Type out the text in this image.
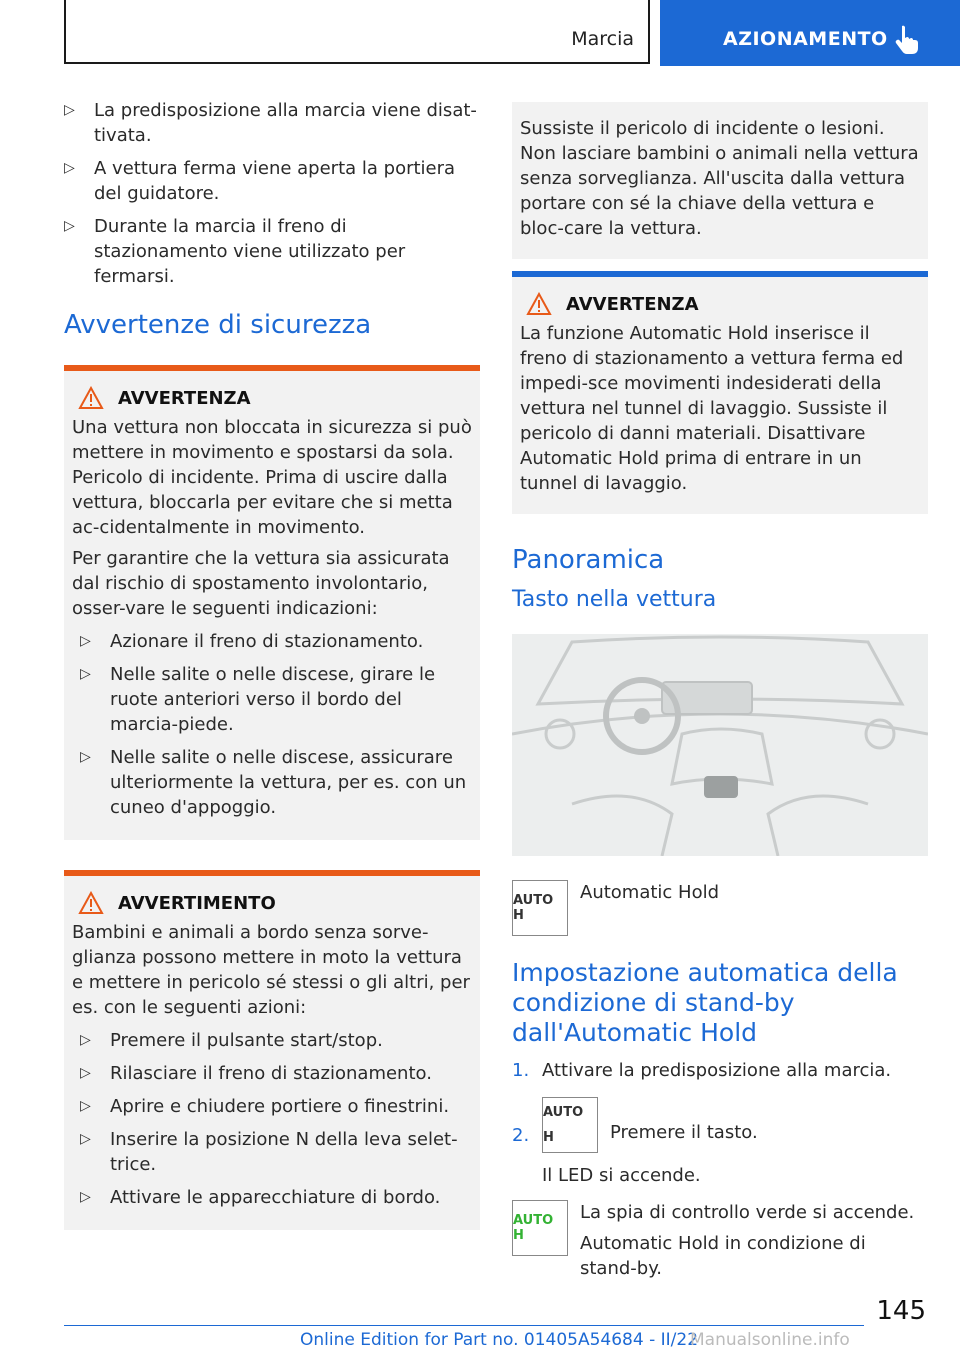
Marcia	AZIONAMENTO
▷ La predisposizione alla marcia viene disat-tivata.
▷ A vettura ferma viene aperta la portiera del guidatore.
▷ Durante la marcia il freno di stazionamento viene utilizzato per fermarsi.
Avvertenze di sicurezza
AVVERTENZA

Una vettura non bloccata in sicurezza si può mettere in movimento e spostarsi da sola. Pericolo di incidente. Prima di uscire dalla vettura, bloccarla per evitare che si metta ac-cidentalmente in movimento.

Per garantire che la vettura sia assicurata dal rischio di spostamento involontario, osser-vare le seguenti indicazioni:

▷ Azionare il freno di stazionamento.
▷ Nelle salite o nelle discese, girare le ruote anteriori verso il bordo del marcia-piede.
▷ Nelle salite o nelle discese, assicurare ulteriormente la vettura, per es. con un cuneo d'appoggio.
AVVERTIMENTO

Bambini e animali a bordo senza sorve-glianza possono mettere in moto la vettura e mettere in pericolo sé stessi o gli altri, per es. con le seguenti azioni:

▷ Premere il pulsante start/stop.
▷ Rilasciare il freno di stazionamento.
▷ Aprire e chiudere portiere o finestrini.
▷ Inserire la posizione N della leva selet-trice.
▷ Attivare le apparecchiature di bordo.

Sussiste il pericolo di incidente o lesioni. Non lasciare bambini o animali nella vettura senza sorveglianza. All'uscita dalla vettura portare con sé la chiave della vettura e bloc-care la vettura.

AVVERTENZA

La funzione Automatic Hold inserisce il freno di stazionamento a vettura ferma ed impedi-sce movimenti indesiderati della vettura nel tunnel di lavaggio. Sussiste il pericolo di danni materiali. Disattivare Automatic Hold prima di entrare in un tunnel di lavaggio.

Panoramica
Tasto nella vettura
AUTO H
Automatic Hold
Impostazione automatica della condizione di stand-by dall'Automatic Hold
1. Attivare la predisposizione alla marcia.
2.
AUTO H	Premere il tasto.

Il LED si accende.

AUTO H
La spia di controllo verde si accende.
Automatic Hold in condizione di stand-by.
145
Online Edition for Part no. 01405A54684 - II/22
Manualsonline.info
